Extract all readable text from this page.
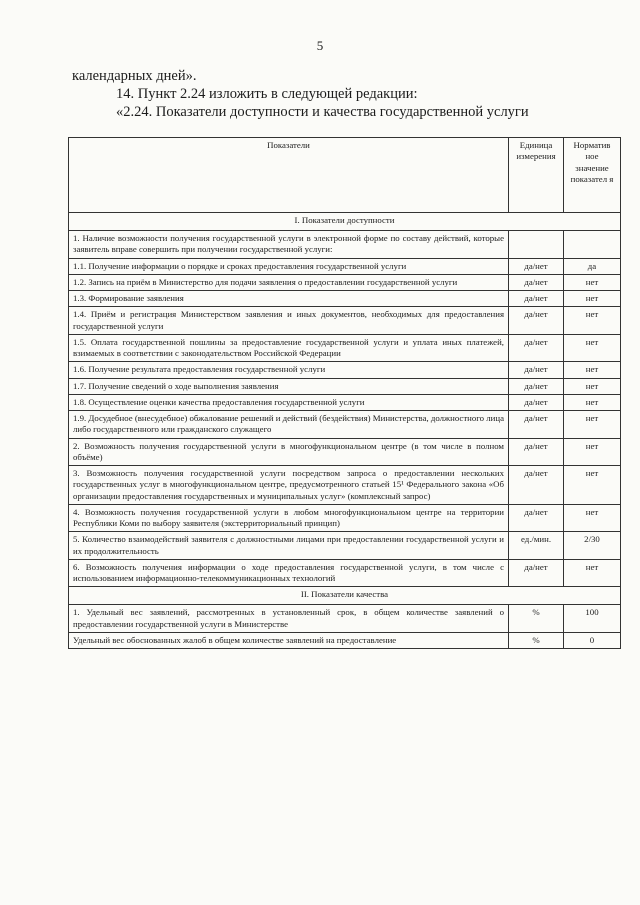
5
календарных дней».
14. Пункт 2.24 изложить в следующей редакции:
«2.24. Показатели доступности и качества государственной услуги
Показатели	Единица измерения	Норматив ное значение показател я
I. Показатели доступности		
1. Наличие возможности получения государственной услуги в электронной форме по составу действий, которые заявитель вправе совершить при получении государственной услуги:		
1.1. Получение информации о порядке и сроках предоставления государственной услуги	да/нет	да
1.2. Запись на приём в Министерство для подачи заявления о предоставлении государственной услуги	да/нет	нет
1.3. Формирование заявления	да/нет	нет
1.4. Приём и регистрация Министерством заявления и иных документов, необходимых для предоставления государственной услуги	да/нет	нет
1.5. Оплата государственной пошлины за предоставление государственной услуги и уплата иных платежей, взимаемых в соответствии с законодательством Российской Федерации	да/нет	нет
1.6. Получение результата предоставления государственной услуги	да/нет	нет
1.7. Получение сведений о ходе выполнения заявления	да/нет	нет
1.8. Осуществление оценки качества предоставления государственной услуги	да/нет	нет
1.9. Досудебное (внесудебное) обжалование решений и действий (бездействия) Министерства, должностного лица либо государственного или гражданского служащего	да/нет	нет
2. Возможность получения государственной услуги в многофункциональном центре (в том числе в полном объёме)	да/нет	нет
3. Возможность получения государственной услуги посредством запроса о предоставлении нескольких государственных услуг в многофункциональном центре, предусмотренного статьей 15¹ Федерального закона «Об организации предоставления государственных и муниципальных услуг» (комплексный запрос)	да/нет	нет
4. Возможность получения государственной услуги в любом многофункциональном центре на территории Республики Коми по выбору заявителя (экстерриториальный принцип)	да/нет	нет
5. Количество взаимодействий заявителя с должностными лицами при предоставлении государственной услуги и их продолжительность	ед./мин.	2/30
6. Возможность получения информации о ходе предоставления государственной услуги, в том числе с использованием информационно-телекоммуникационных технологий	да/нет	нет
II. Показатели качества		
1. Удельный вес заявлений, рассмотренных в установленный срок, в общем количестве заявлений о предоставлении государственной услуги в Министерстве	%	100
Удельный вес обоснованных жалоб в общем количестве заявлений на предоставление	%	0
